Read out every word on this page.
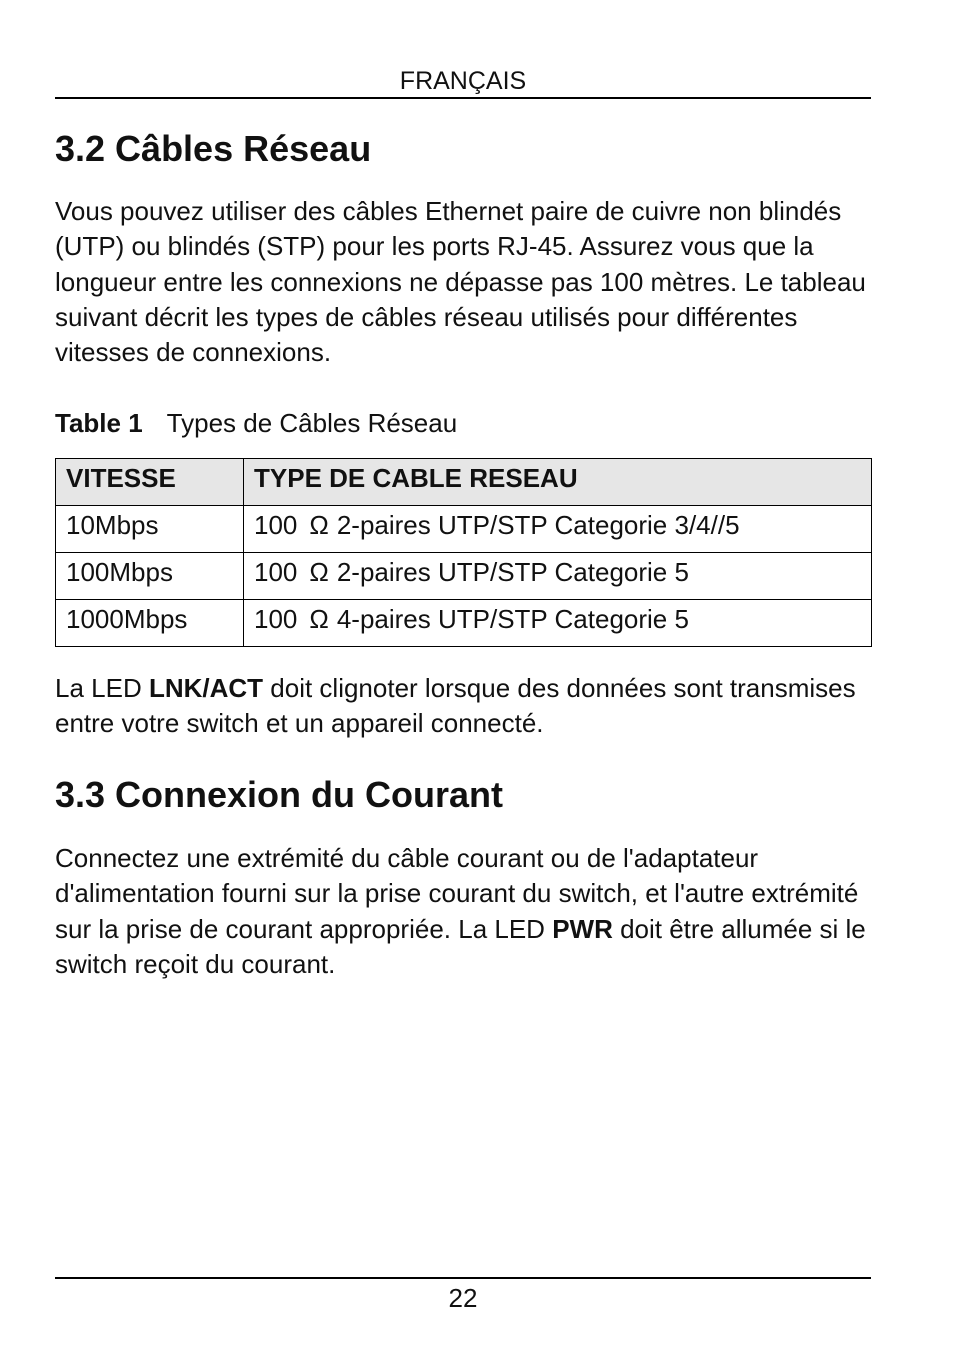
FRANÇAIS
3.2 Câbles Réseau

Vous pouvez utiliser des câbles Ethernet paire de cuivre non blindés (UTP) ou blindés (STP) pour les ports RJ-45. Assurez vous que la longueur entre les connexions ne dépasse pas 100 mètres. Le tableau suivant décrit les types de câbles réseau utilisés pour différentes vitesses de connexions.

Table 1 Types de Câbles Réseau
VITESSE	TYPE DE CABLE RESEAU
10Mbps	100 Ω 2-paires UTP/STP Categorie 3/4//5
100Mbps	100 Ω 2-paires UTP/STP Categorie 5
1000Mbps	100 Ω 4-paires UTP/STP Categorie 5

La LED LNK/ACT doit clignoter lorsque des données sont transmises entre votre switch et un appareil connecté.

3.3 Connexion du Courant

Connectez une extrémité du câble courant ou de l'adaptateur d'alimentation fourni sur la prise courant du switch, et l'autre extrémité sur la prise de courant appropriée. La LED PWR doit être allumée si le switch reçoit du courant.

22
